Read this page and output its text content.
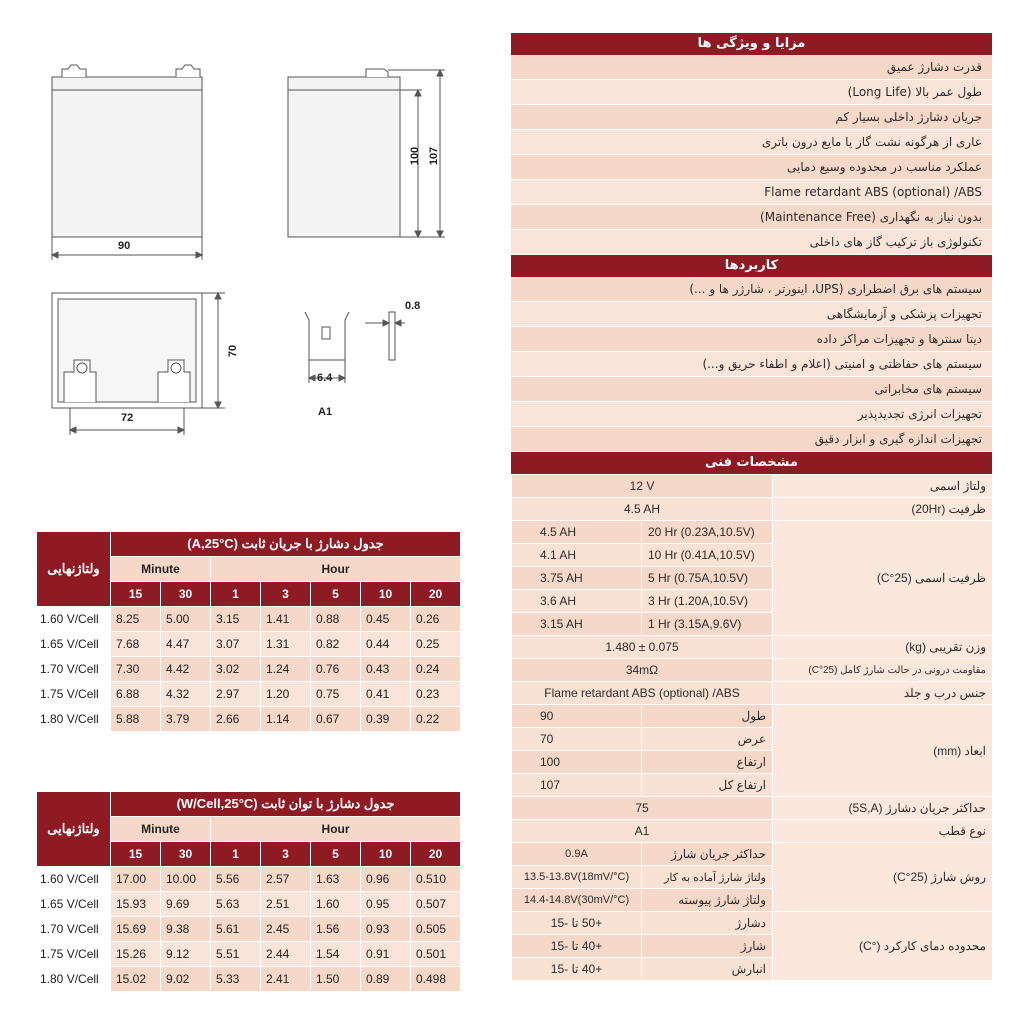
90
100 107
70
72
6.4
0.8
A1
مزایا و ویژگی ها
قدرت دشارژ عمیق
طول عمر بالا (Long Life)
جریان دشارژ داخلی بسیار کم
عاری از هرگونه نشت گاز یا مایع درون باتری
عملکرد مناسب در محدوده وسیع دمایی
Flame retardant ABS (optional) /ABS
بدون نیاز به نگهداری (Maintenance Free)
تکنولوژی باز ترکیب گاز های داخلی
کاربردها
سیستم های برق اضطراری (UPS، اینورتر ، شارژر ها و ...)
تجهیزات پزشکی و آزمایشگاهی
دیتا سنترها و تجهیزات مراکز داده
سیستم های حفاظتی و امنیتی (اعلام و اطفاء حریق و...)
سیستم های مخابراتی
تجهیزات انرژی تجدیدپذیر
تجهیزات اندازه گیری و ابزار دقیق
مشخصات فنی
12 V		ولتاژ اسمی
4.5 AH		ظرفیت (20Hr)
4.5 AH	20 Hr (0.23A,10.5V)	ظرفیت اسمی (25°C)
4.1 AH	10 Hr (0.41A,10.5V)	
3.75 AH	5 Hr (0.75A,10.5V)	
3.6 AH	3 Hr (1.20A,10.5V)	
3.15 AH	1 Hr (3.15A,9.6V)	
1.480 ± 0.075		وزن تقریبی (kg)
34mΩ		مقاومت درونی در حالت شارژ کامل (25°C)
Flame retardant ABS (optional) /ABS		جنس درب و جلد
90	طول	ابعاد (mm)
70	عرض	
100	ارتفاع	
107	ارتفاع کل	
75		حداکثر جریان دشارژ (5S,A)
A1		نوع قطب
0.9A	حداکثر جریان شارژ	روش شارژ (25°C)
13.5-13.8V(18mV/°C)	ولتاژ شارژ آماده به کار	
14.4-14.8V(30mV/°C)	ولتاژ شارژ پیوسته	
+50 تا -15	دشارژ	محدوده دمای کارکرد (°C)
+40 تا -15	شارژ	
+40 تا -15	انبارش	
ولتاژنهایی	جدول دشارژ با جریان ثابت (A,25°C)						
	Minute		Hour				
	15	30	1	3	5	10	20
1.60 V/Cell	8.25	5.00	3.15	1.41	0.88	0.45	0.26
1.65 V/Cell	7.68	4.47	3.07	1.31	0.82	0.44	0.25
1.70 V/Cell	7.30	4.42	3.02	1.24	0.76	0.43	0.24
1.75 V/Cell	6.88	4.32	2.97	1.20	0.75	0.41	0.23
1.80 V/Cell	5.88	3.79	2.66	1.14	0.67	0.39	0.22
ولتاژنهایی	جدول دشارژ با توان ثابت (W/Cell,25°C)						
	Minute		Hour				
	15	30	1	3	5	10	20
1.60 V/Cell	17.00	10.00	5.56	2.57	1.63	0.96	0.510
1.65 V/Cell	15.93	9.69	5.63	2.51	1.60	0.95	0.507
1.70 V/Cell	15.69	9.38	5.61	2.45	1.56	0.93	0.505
1.75 V/Cell	15.26	9.12	5.51	2.44	1.54	0.91	0.501
1.80 V/Cell	15.02	9.02	5.33	2.41	1.50	0.89	0.498
